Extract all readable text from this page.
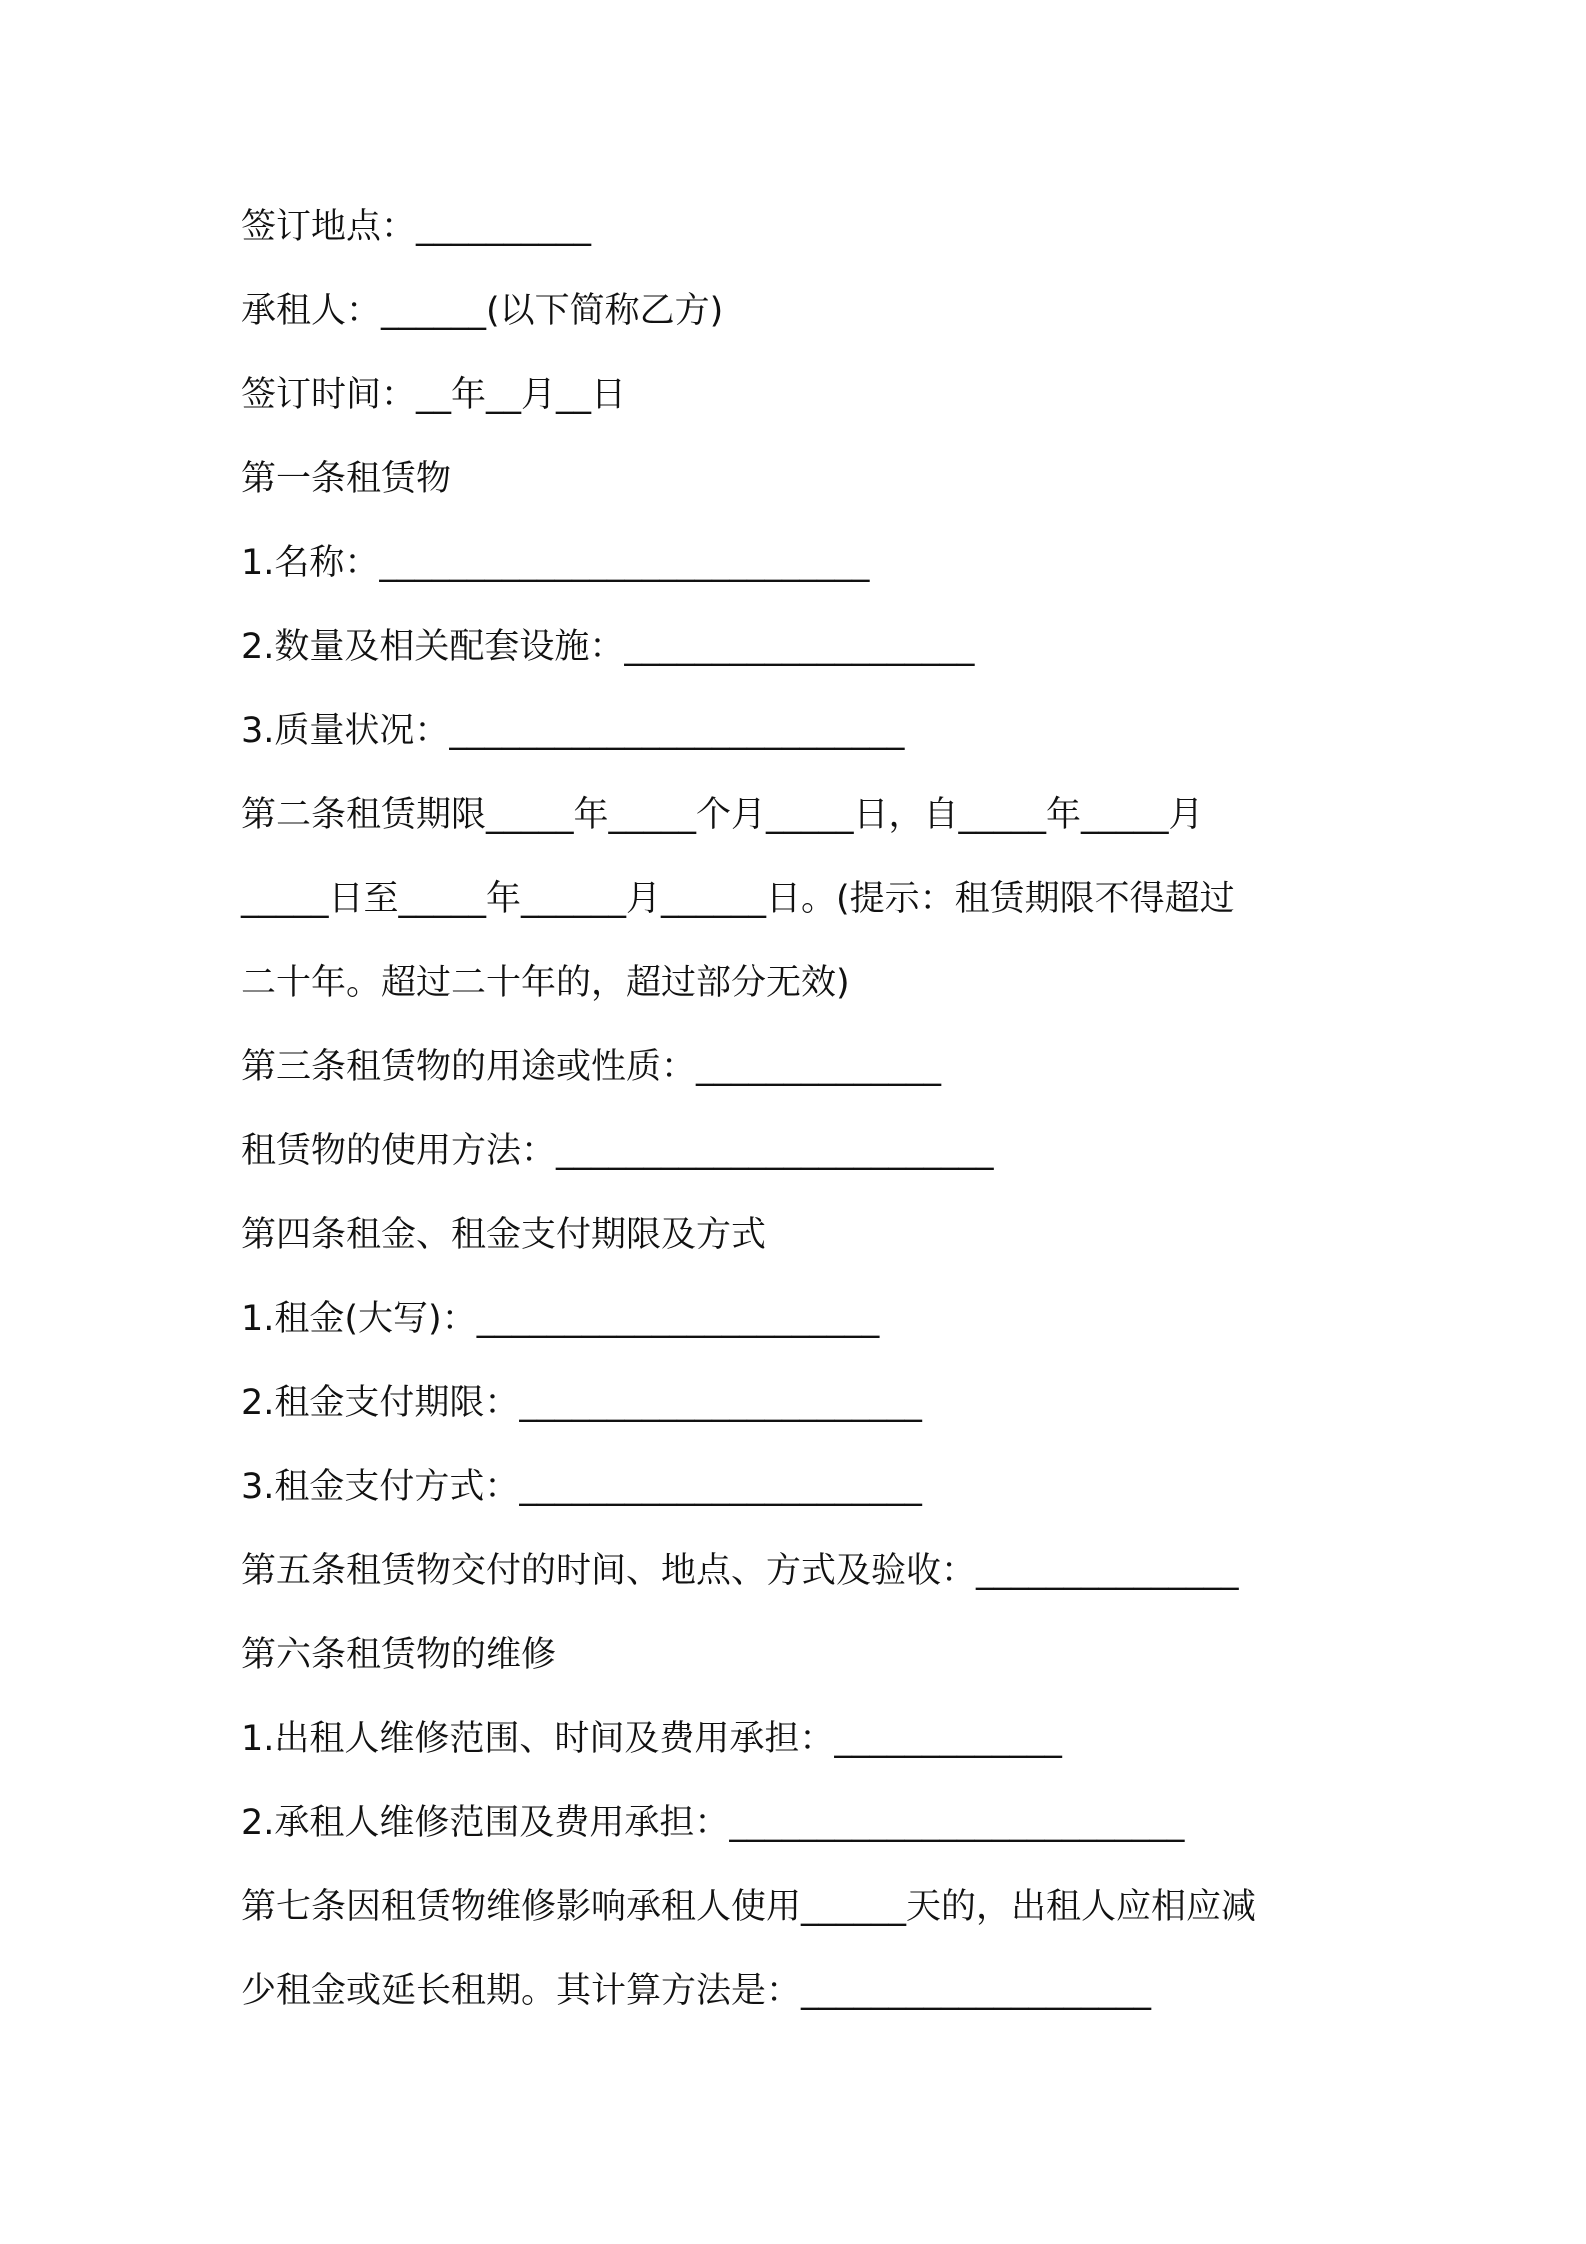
签订地点：__________

承租人：______(以下简称乙方)

签订时间：__年__月__日

第一条租赁物

1.名称：____________________________

2.数量及相关配套设施：____________________

3.质量状况：__________________________

第二条租赁期限_____年_____个月_____日，自_____年_____月

_____日至_____年______月______日。(提示：租赁期限不得超过

二十年。超过二十年的，超过部分无效)

第三条租赁物的用途或性质：______________

租赁物的使用方法：_________________________

第四条租金、租金支付期限及方式

1.租金(大写)：_______________________

2.租金支付期限：_______________________

3.租金支付方式：_______________________

第五条租赁物交付的时间、地点、方式及验收：_______________

第六条租赁物的维修

1.出租人维修范围、时间及费用承担：_____________

2.承租人维修范围及费用承担：__________________________

第七条因租赁物维修影响承租人使用______天的，出租人应相应减

少租金或延长租期。其计算方法是：____________________
